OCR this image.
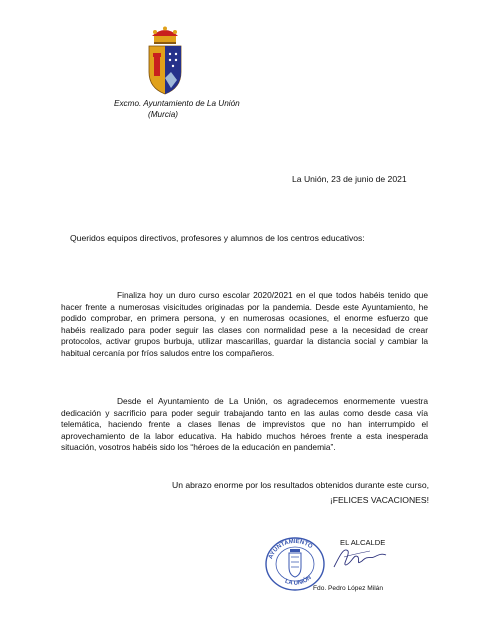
Excmo. Ayuntamiento de La Unión
(Murcia)
La Unión, 23 de junio de 2021
Queridos equipos directivos, profesores y alumnos de los centros educativos:
Finaliza hoy un duro curso escolar 2020/2021 en el que todos habéis tenido que hacer frente a numerosas visicitudes originadas por la pandemia. Desde este Ayuntamiento, he podido comprobar, en primera persona, y en numerosas ocasiones, el enorme esfuerzo que habéis realizado para poder seguir las clases con normalidad pese a la necesidad de crear protocolos, activar grupos burbuja, utilizar mascarillas, guardar la distancia social y cambiar la habitual cercanía por fríos saludos entre los compañeros.
Desde el Ayuntamiento de La Unión, os agradecemos enormemente vuestra dedicación y sacrificio para poder seguir trabajando tanto en las aulas como desde casa vía telemática, haciendo frente a clases llenas de imprevistos que no han interrumpido el aprovechamiento de la labor educativa. Ha habido muchos héroes frente a esta inesperada situación, vosotros habéis sido los “héroes de la educación en pandemia”.
Un abrazo enorme por los resultados obtenidos durante este curso,

¡FELICES VACACIONES!
AYUNTAMIENTO
LA UNIÓN
EL ALCALDE
Fdo. Pedro López Milán
